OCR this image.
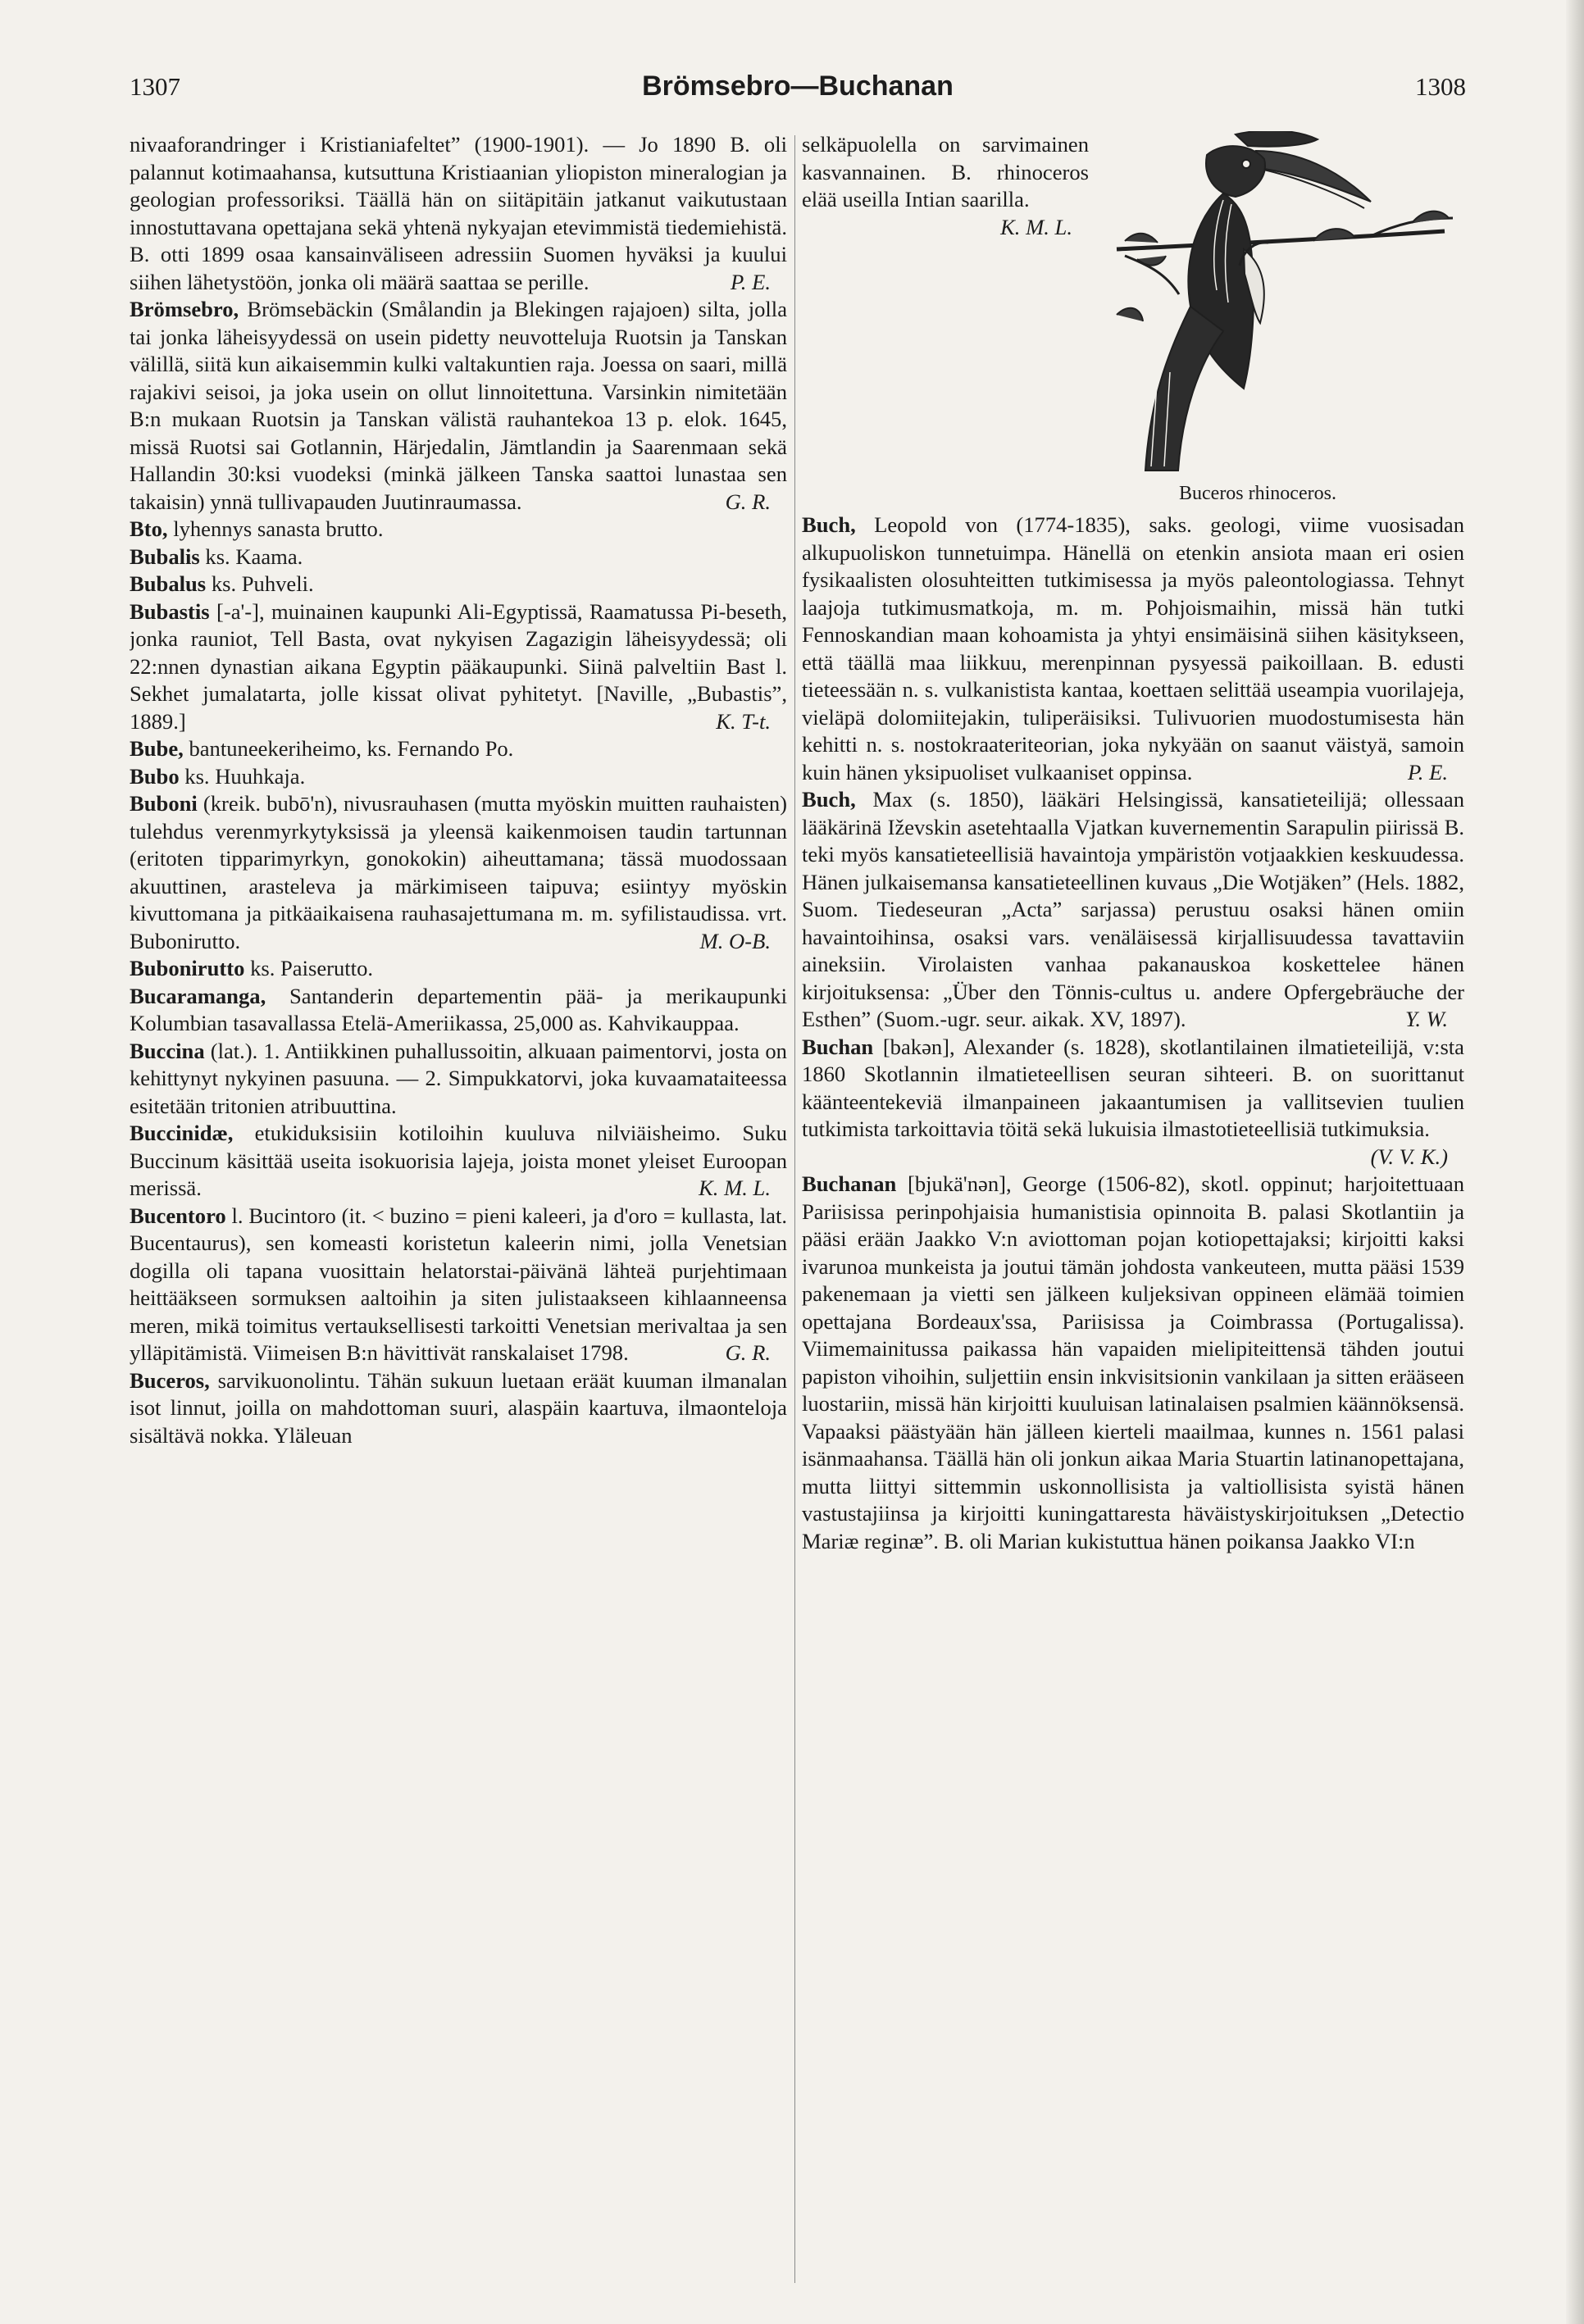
1307	Brömsebro—Buchanan	1308

nivaaforandringer i Kristianiafeltet” (1900-1901). — Jo 1890 B. oli palannut kotimaahansa, kutsuttuna Kristiaanian yliopiston mineralogian ja geologian professoriksi. Täällä hän on siitäpitäin jatkanut vaikutustaan innostuttavana opettajana sekä yhtenä nykyajan etevimmistä tiedemiehistä. B. otti 1899 osaa kansainväliseen adressiin Suomen hyväksi ja kuului siihen lähetystöön, jonka oli määrä saattaa se perille.	P. E.

Brömsebro, Brömsebäckin (Smålandin ja Blekingen rajajoen) silta, jolla tai jonka läheisyydessä on usein pidetty neuvotteluja Ruotsin ja Tanskan välillä, siitä kun aikaisemmin kulki valtakuntien raja. Joessa on saari, millä rajakivi seisoi, ja joka usein on ollut linnoitettuna. Varsinkin nimitetään B:n mukaan Ruotsin ja Tanskan välistä rauhantekoa 13 p. elok. 1645, missä Ruotsi sai Gotlannin, Härjedalin, Jämtlandin ja Saarenmaan sekä Hallandin 30:ksi vuodeksi (minkä jälkeen Tanska saattoi lunastaa sen takaisin) ynnä tullivapauden Juutinraumassa.	G. R.

Bto, lyhennys sanasta brutto.

Bubalis ks. Kaama.

Bubalus ks. Puhveli.

Bubastis [-a'-], muinainen kaupunki Ali-Egyptissä, Raamatussa Pi-beseth, jonka rauniot, Tell Basta, ovat nykyisen Zagazigin läheisyydessä; oli 22:nnen dynastian aikana Egyptin pääkaupunki. Siinä palveltiin Bast l. Sekhet jumalatarta, jolle kissat olivat pyhitetyt. [Naville, „Bubastis”, 1889.]	K. T-t.

Bube, bantuneekeriheimo, ks. Fernando Po.

Bubo ks. Huuhkaja.

Buboni (kreik. bubō'n), nivusrauhasen (mutta myöskin muitten rauhaisten) tulehdus verenmyrkytyksissä ja yleensä kaikenmoisen taudin tartunnan (eritoten tipparimyrkyn, gonokokin) aiheuttamana; tässä muodossaan akuuttinen, arasteleva ja märkimiseen taipuva; esiintyy myöskin kivuttomana ja pitkäaikaisena rauhasajettumana m. m. syfilistaudissa. vrt. Bubonirutto.	M. O-B.

Bubonirutto ks. Paiserutto.

Bucaramanga, Santanderin departementin pää- ja merikaupunki Kolumbian tasavallassa Etelä-Ameriikassa, 25,000 as. Kahvikauppaa.

Buccina (lat.). 1. Antiikkinen puhallussoitin, alkuaan paimentorvi, josta on kehittynyt nykyinen pasuuna. — 2. Simpukkatorvi, joka kuvaamataiteessa esitetään tritonien atribuuttina.

Buccinidæ, etukiduksisiin kotiloihin kuuluva nilviäisheimo. Suku Buccinum käsittää useita isokuorisia lajeja, joista monet yleiset Euroopan merissä.	K. M. L.

Bucentoro l. Bucintoro (it. < buzino = pieni kaleeri, ja d'oro = kullasta, lat. Bucentaurus), sen komeasti koristetun kaleerin nimi, jolla Venetsian dogilla oli tapana vuosittain helatorstai-päivänä lähteä purjehtimaan heittääkseen sormuksen aaltoihin ja siten julistaakseen kihlaanneensa meren, mikä toimitus vertauksellisesti tarkoitti Venetsian merivaltaa ja sen ylläpitämistä. Viimeisen B:n hävittivät ranskalaiset 1798.	G. R.

Buceros, sarvikuonolintu. Tähän sukuun luetaan eräät kuuman ilmanalan isot linnut, joilla on mahdottoman suuri, alaspäin kaartuva, ilmaonteloja sisältävä nokka. Yläleuan

Buceros rhinoceros.

selkäpuolella on sarvimainen kasvannainen. B. rhinoceros elää useilla Intian saarilla.
K. M. L.

Buch, Leopold von (1774-1835), saks. geologi, viime vuosisadan alkupuoliskon tunnetuimpa. Hänellä on etenkin ansiota maan eri osien fysikaalisten olosuhteitten tutkimisessa ja myös paleontologiassa. Tehnyt laajoja tutkimusmatkoja, m. m. Pohjoismaihin, missä hän tutki Fennoskandian maan kohoamista ja yhtyi ensimäisinä siihen käsitykseen, että täällä maa liikkuu, merenpinnan pysyessä paikoillaan. B. edusti tieteessään n. s. vulkanistista kantaa, koettaen selittää useampia vuorilajeja, vieläpä dolomiitejakin, tuliperäisiksi. Tulivuorien muodostumisesta hän kehitti n. s. nostokraateriteorian, joka nykyään on saanut väistyä, samoin kuin hänen yksipuoliset vulkaaniset oppinsa.	P. E.

Buch, Max (s. 1850), lääkäri Helsingissä, kansatieteilijä; ollessaan lääkärinä Iževskin asetehtaalla Vjatkan kuvernementin Sarapulin piirissä B. teki myös kansatieteellisiä havaintoja ympäristön votjaakkien keskuudessa. Hänen julkaisemansa kansatieteellinen kuvaus „Die Wotjäken” (Hels. 1882, Suom. Tiedeseuran „Acta” sarjassa) perustuu osaksi hänen omiin havaintoihinsa, osaksi vars. venäläisessä kirjallisuudessa tavattaviin aineksiin. Virolaisten vanhaa pakanauskoa koskettelee hänen kirjoituksensa: „Über den Tönnis-cultus u. andere Opfergebräuche der Esthen” (Suom.-ugr. seur. aikak. XV, 1897).	Y. W.

Buchan [bakən], Alexander (s. 1828), skotlantilainen ilmatieteilijä, v:sta 1860 Skotlannin ilmatieteellisen seuran sihteeri. B. on suorittanut käänteentekeviä ilmanpaineen jakaantumisen ja vallitsevien tuulien tutkimista tarkoittavia töitä sekä lukuisia ilmastotieteellisiä tutkimuksia.
(V. V. K.)

Buchanan [bjukä'nən], George (1506-82), skotl. oppinut; harjoitettuaan Pariisissa perinpohjaisia humanistisia opinnoita B. palasi Skotlantiin ja pääsi erään Jaakko V:n aviottoman pojan kotiopettajaksi; kirjoitti kaksi ivarunoa munkeista ja joutui tämän johdosta vankeuteen, mutta pääsi 1539 pakenemaan ja vietti sen jälkeen kuljeksivan oppineen elämää toimien opettajana Bordeaux'ssa, Pariisissa ja Coimbrassa (Portugalissa). Viimemainitussa paikassa hän vapaiden mielipiteittensä tähden joutui papiston vihoihin, suljettiin ensin inkvisitsionin vankilaan ja sitten erääseen luostariin, missä hän kirjoitti kuuluisan latinalaisen psalmien käännöksensä. Vapaaksi päästyään hän jälleen kierteli maailmaa, kunnes n. 1561 palasi isänmaahansa. Täällä hän oli jonkun aikaa Maria Stuartin latinanopettajana, mutta liittyi sittemmin uskonnollisista ja valtiollisista syistä hänen vastustajiinsa ja kirjoitti kuningattaresta häväistyskirjoituksen „Detectio Mariæ reginæ”. B. oli Marian kukistuttua hänen poikansa Jaakko VI:n
